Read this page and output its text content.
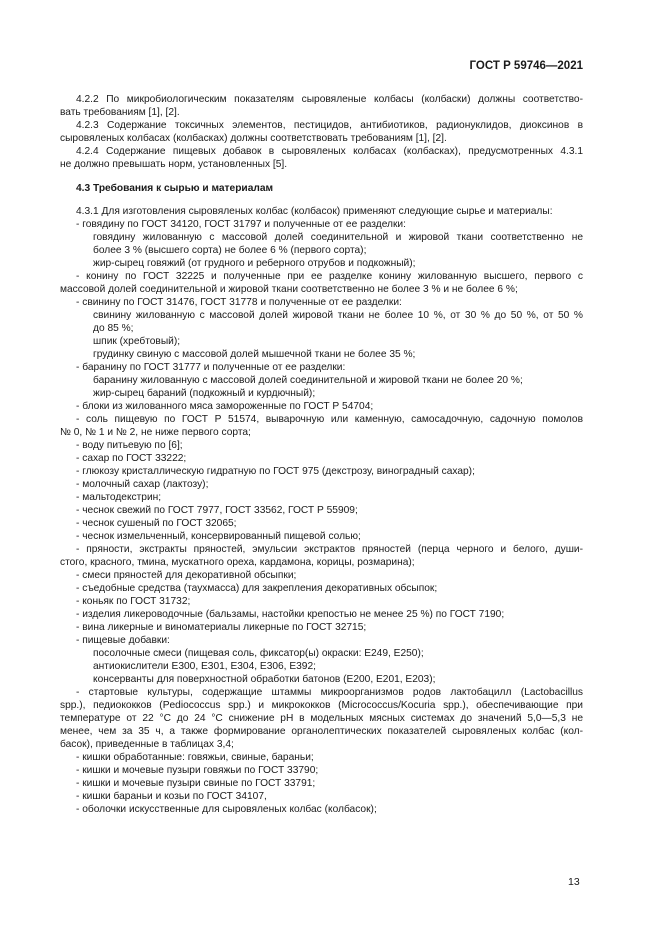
ГОСТ Р 59746—2021
4.2.2 По микробиологическим показателям сыровяленые колбасы (колбаски) должны соответство-
вать требованиям [1], [2].
4.2.3 Содержание токсичных элементов, пестицидов, антибиотиков, радионуклидов, диоксинов в
сыровяленых колбасах (колбасках) должны соответствовать требованиям [1], [2].
4.2.4 Содержание пищевых добавок в сыровяленых колбасах (колбасках), предусмотренных 4.3.1
не должно превышать норм, установленных [5].
4.3 Требования к сырью и материалам
4.3.1 Для изготовления сыровяленых колбас (колбасок) применяют следующие сырье и материалы:
- говядину по ГОСТ 34120, ГОСТ 31797 и полученные от ее разделки:
говядину жилованную с массовой долей соединительной и жировой ткани соответственно не
более 3 % (высшего сорта) не более 6 % (первого сорта);
жир-сырец говяжий (от грудного и реберного отрубов и подкожный);
- конину по ГОСТ 32225 и полученные при ее разделке конину жилованную высшего, первого с
массовой долей соединительной и жировой ткани соответственно не более 3 % и не более 6 %;
- свинину по ГОСТ 31476, ГОСТ 31778 и полученные от ее разделки:
свинину жилованную с массовой долей жировой ткани не более 10 %, от 30 % до 50 %, от 50 %
до 85 %;
шпик (хребтовый);
грудинку свиную с массовой долей мышечной ткани не более 35 %;
- баранину по ГОСТ 31777 и полученные от ее разделки:
баранину жилованную с массовой долей соединительной и жировой ткани не более 20 %;
жир-сырец бараний (подкожный и курдючный);
- блоки из жилованного мяса замороженные по ГОСТ Р 54704;
- соль пищевую по ГОСТ Р 51574, выварочную или каменную, самосадочную, садочную помолов
№ 0, № 1 и № 2, не ниже первого сорта;
- воду питьевую по [6];
- сахар по ГОСТ 33222;
- глюкозу кристаллическую гидратную по ГОСТ 975 (декстрозу, виноградный сахар);
- молочный сахар (лактозу);
- мальтодекстрин;
- чеснок свежий по ГОСТ 7977, ГОСТ 33562, ГОСТ Р 55909;
- чеснок сушеный по ГОСТ 32065;
- чеснок измельченный, консервированный пищевой солью;
- пряности, экстракты пряностей, эмульсии экстрактов пряностей (перца черного и белого, души-
стого, красного, тмина, мускатного ореха, кардамона, корицы, розмарина);
- смеси пряностей для декоративной обсыпки;
- съедобные средства (таухмасса) для закрепления декоративных обсыпок;
- коньяк по ГОСТ 31732;
- изделия ликероводочные (бальзамы, настойки крепостью не менее 25 %) по ГОСТ 7190;
- вина ликерные и виноматериалы ликерные по ГОСТ 32715;
- пищевые добавки:
посолочные смеси (пищевая соль, фиксатор(ы) окраски: Е249, Е250);
антиокислители Е300, Е301, Е304, Е306, Е392;
консерванты для поверхностной обработки батонов (Е200, Е201, Е203);
- стартовые культуры, содержащие штаммы микроорганизмов родов лактобацилл (Lactobacillus
spp.), педиококков (Pediococcus spp.) и микрококков (Micrococcus/Kocuria spp.), обеспечивающие при
температуре от 22 °С до 24 °С снижение pH в модельных мясных системах до значений 5,0—5,3 не
менее, чем за 35 ч, а также формирование органолептических показателей сыровяленых колбас (кол-
басок), приведенные в таблицах 3,4;
- кишки обработанные: говяжьи, свиные, бараньи;
- кишки и мочевые пузыри говяжьи по ГОСТ 33790;
- кишки и мочевые пузыри свиные по ГОСТ 33791;
- кишки бараньи и козьи по ГОСТ 34107,
- оболочки искусственные для сыровяленых колбас (колбасок);
13
